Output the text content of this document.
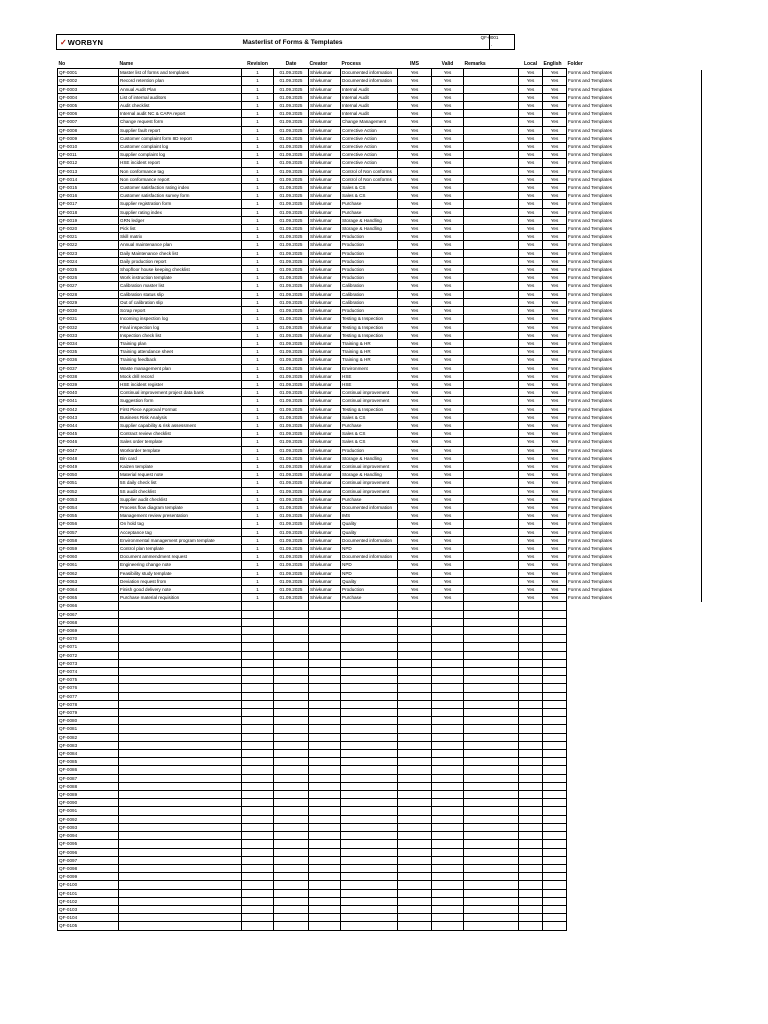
✓ WORBYN	Masterlist of Forms & Templates	.
QF-0001
No	Name	Revision	Date	Creator	Process	IMS	Valid	Remarks	Local	English	Folder
QF-0001	Master list of forms and templates	1	01.09.2025	Shivkumar	Documented information	Yes	Yes		Yes	Yes	Forms and Templates
QF-0002	Record retention plan	1	01.09.2025	Shivkumar	Documented information	Yes	Yes		Yes	Yes	Forms and Templates
QF-0003	Annual Audit Plan	1	01.09.2025	Shivkumar	Internal Audit	Yes	Yes		Yes	Yes	Forms and Templates
QF-0004	List of internal auditors	1	01.09.2025	Shivkumar	Internal Audit	Yes	Yes		Yes	Yes	Forms and Templates
QF-0005	Audit checklist	1	01.09.2025	Shivkumar	Internal Audit	Yes	Yes		Yes	Yes	Forms and Templates
QF-0006	Internal audit NC & CAPA report	1	01.09.2025	Shivkumar	Internal Audit	Yes	Yes		Yes	Yes	Forms and Templates
QF-0007	Change request form	1	01.09.2025	Shivkumar	Change Management	Yes	Yes		Yes	Yes	Forms and Templates
QF-0008	Supplier fault report	1	01.09.2025	Shivkumar	Corrective Action	Yes	Yes		Yes	Yes	Forms and Templates
QF-0009	Customer complaint form 8D report	1	01.09.2025	Shivkumar	Corrective Action	Yes	Yes		Yes	Yes	Forms and Templates
QF-0010	Customer complaint log	1	01.09.2025	Shivkumar	Corrective Action	Yes	Yes		Yes	Yes	Forms and Templates
QF-0011	Supplier complaint log	1	01.09.2025	Shivkumar	Corrective Action	Yes	Yes		Yes	Yes	Forms and Templates
QF-0012	HSE incident report	1	01.09.2025	Shivkumar	Corrective Action	Yes	Yes		Yes	Yes	Forms and Templates
QF-0013	Non conformance tag	1	01.09.2025	Shivkumar	Control of Non conforms	Yes	Yes		Yes	Yes	Forms and Templates
QF-0014	Non conformance report	1	01.09.2025	Shivkumar	Control of Non conforms	Yes	Yes		Yes	Yes	Forms and Templates
QF-0015	Customer satisfaction rating index	1	01.09.2025	Shivkumar	Sales & CS	Yes	Yes		Yes	Yes	Forms and Templates
QF-0016	Customer satisfaction survey form	1	01.09.2025	Shivkumar	Sales & CS	Yes	Yes		Yes	Yes	Forms and Templates
QF-0017	Supplier registration form	1	01.09.2025	Shivkumar	Purchase	Yes	Yes		Yes	Yes	Forms and Templates
QF-0018	Supplier rating index	1	01.09.2025	Shivkumar	Purchase	Yes	Yes		Yes	Yes	Forms and Templates
QF-0019	GRN ledger	1	01.09.2025	Shivkumar	Storage & Handling	Yes	Yes		Yes	Yes	Forms and Templates
QF-0020	Pick list	1	01.09.2025	Shivkumar	Storage & Handling	Yes	Yes		Yes	Yes	Forms and Templates
QF-0021	Skill matrix	1	01.09.2025	Shivkumar	Production	Yes	Yes		Yes	Yes	Forms and Templates
QF-0022	Annual maintenance plan	1	01.09.2025	Shivkumar	Production	Yes	Yes		Yes	Yes	Forms and Templates
QF-0023	Daily Maintenance check list	1	01.09.2025	Shivkumar	Production	Yes	Yes		Yes	Yes	Forms and Templates
QF-0024	Daily production report	1	01.09.2025	Shivkumar	Production	Yes	Yes		Yes	Yes	Forms and Templates
QF-0025	Shopfloor house keeping checklist	1	01.09.2025	Shivkumar	Production	Yes	Yes		Yes	Yes	Forms and Templates
QF-0026	Work instruction template	1	01.09.2025	Shivkumar	Production	Yes	Yes		Yes	Yes	Forms and Templates
QF-0027	Calibration master list	1	01.09.2025	Shivkumar	Calibration	Yes	Yes		Yes	Yes	Forms and Templates
QF-0028	Calibration status slip	1	01.09.2025	Shivkumar	Calibration	Yes	Yes		Yes	Yes	Forms and Templates
QF-0029	Out of calibration slip	1	01.09.2025	Shivkumar	Calibration	Yes	Yes		Yes	Yes	Forms and Templates
QF-0030	Scrap report	1	01.09.2025	Shivkumar	Production	Yes	Yes		Yes	Yes	Forms and Templates
QF-0031	Incoming inspection log	1	01.09.2025	Shivkumar	Testing & Inspection	Yes	Yes		Yes	Yes	Forms and Templates
QF-0032	Final inspection log	1	01.09.2025	Shivkumar	Testing & Inspection	Yes	Yes		Yes	Yes	Forms and Templates
QF-0033	Inspection check list	1	01.09.2025	Shivkumar	Testing & Inspection	Yes	Yes		Yes	Yes	Forms and Templates
QF-0034	Training plan	1	01.09.2025	Shivkumar	Training & HR	Yes	Yes		Yes	Yes	Forms and Templates
QF-0035	Training attendance sheet	1	01.09.2025	Shivkumar	Training & HR	Yes	Yes		Yes	Yes	Forms and Templates
QF-0036	Training feedback	1	01.09.2025	Shivkumar	Training & HR	Yes	Yes		Yes	Yes	Forms and Templates
QF-0037	Waste management plan	1	01.09.2025	Shivkumar	Environment	Yes	Yes		Yes	Yes	Forms and Templates
QF-0038	Mock drill record	1	01.09.2025	Shivkumar	HSE	Yes	Yes		Yes	Yes	Forms and Templates
QF-0039	HSE incident register	1	01.09.2025	Shivkumar	HSE	Yes	Yes		Yes	Yes	Forms and Templates
QF-0040	Continual improvement project data bank	1	01.09.2025	Shivkumar	Continual improvement	Yes	Yes		Yes	Yes	Forms and Templates
QF-0041	Suggestion form	1	01.09.2025	Shivkumar	Continual improvement	Yes	Yes		Yes	Yes	Forms and Templates
QF-0042	First Piece Approval Format	1	01.09.2025	Shivkumar	Testing & Inspection	Yes	Yes		Yes	Yes	Forms and Templates
QF-0043	Business Risk Analysis	1	01.09.2025	Shivkumar	Sales & CS	Yes	Yes		Yes	Yes	Forms and Templates
QF-0044	Supplier capability & risk assessment	1	01.09.2025	Shivkumar	Purchase	Yes	Yes		Yes	Yes	Forms and Templates
QF-0045	Contract review checklist	1	01.09.2025	Shivkumar	Sales & CS	Yes	Yes		Yes	Yes	Forms and Templates
QF-0046	Sales order template	1	01.09.2025	Shivkumar	Sales & CS	Yes	Yes		Yes	Yes	Forms and Templates
QF-0047	Workorder template	1	01.09.2025	Shivkumar	Production	Yes	Yes		Yes	Yes	Forms and Templates
QF-0048	Bin card	1	01.09.2025	Shivkumar	Storage & Handling	Yes	Yes		Yes	Yes	Forms and Templates
QF-0049	Kaizen template	1	01.09.2025	Shivkumar	Continual improvement	Yes	Yes		Yes	Yes	Forms and Templates
QF-0050	Material request note	1	01.09.2025	Shivkumar	Storage & Handling	Yes	Yes		Yes	Yes	Forms and Templates
QF-0051	5S daily check list	1	01.09.2025	Shivkumar	Continual improvement	Yes	Yes		Yes	Yes	Forms and Templates
QF-0052	5S audit checklist	1	01.09.2025	Shivkumar	Continual improvement	Yes	Yes		Yes	Yes	Forms and Templates
QF-0053	Supplier audit checklist	1	01.09.2025	Shivkumar	Purchase	Yes	Yes		Yes	Yes	Forms and Templates
QF-0054	Process flow diagram template	1	01.09.2025	Shivkumar	Documented information	Yes	Yes		Yes	Yes	Forms and Templates
QF-0055	Management review presentation	1	01.09.2025	Shivkumar	IMS	Yes	Yes		Yes	Yes	Forms and Templates
QF-0056	On hold tag	1	01.09.2025	Shivkumar	Quality	Yes	Yes		Yes	Yes	Forms and Templates
QF-0057	Acceptance tag	1	01.09.2025	Shivkumar	Quality	Yes	Yes		Yes	Yes	Forms and Templates
QF-0058	Environmental management program template	1	01.09.2025	Shivkumar	Documented information	Yes	Yes		Yes	Yes	Forms and Templates
QF-0059	Control plan template	1	01.09.2025	Shivkumar	NPD	Yes	Yes		Yes	Yes	Forms and Templates
QF-0060	Document ammendment request	1	01.09.2025	Shivkumar	Documented information	Yes	Yes		Yes	Yes	Forms and Templates
QF-0061	Engineering change note	1	01.09.2025	Shivkumar	NPD	Yes	Yes		Yes	Yes	Forms and Templates
QF-0062	Feasibility study template	1	01.09.2025	Shivkumar	NPD	Yes	Yes		Yes	Yes	Forms and Templates
QF-0063	Deviation request from	1	01.09.2025	Shivkumar	Quality	Yes	Yes		Yes	Yes	Forms and Templates
QF-0064	Finish good delivery note	1	01.09.2025	Shivkumar	Production	Yes	Yes		Yes	Yes	Forms and Templates
QF-0065	Purchase material requisition	1	01.09.2025	Shivkumar	Purchase	Yes	Yes		Yes	Yes	Forms and Templates
QF-0066											
QF-0067											
QF-0068											
QF-0069											
QF-0070											
QF-0071											
QF-0072											
QF-0073											
QF-0074											
QF-0075											
QF-0076											
QF-0077											
QF-0078											
QF-0079											
QF-0080											
QF-0081											
QF-0082											
QF-0083											
QF-0084											
QF-0085											
QF-0086											
QF-0087											
QF-0088											
QF-0089											
QF-0090											
QF-0091											
QF-0092											
QF-0093											
QF-0094											
QF-0095											
QF-0096											
QF-0097											
QF-0098											
QF-0099											
QF-0100											
QF-0101											
QF-0102											
QF-0103											
QF-0104											
QF-0105											
